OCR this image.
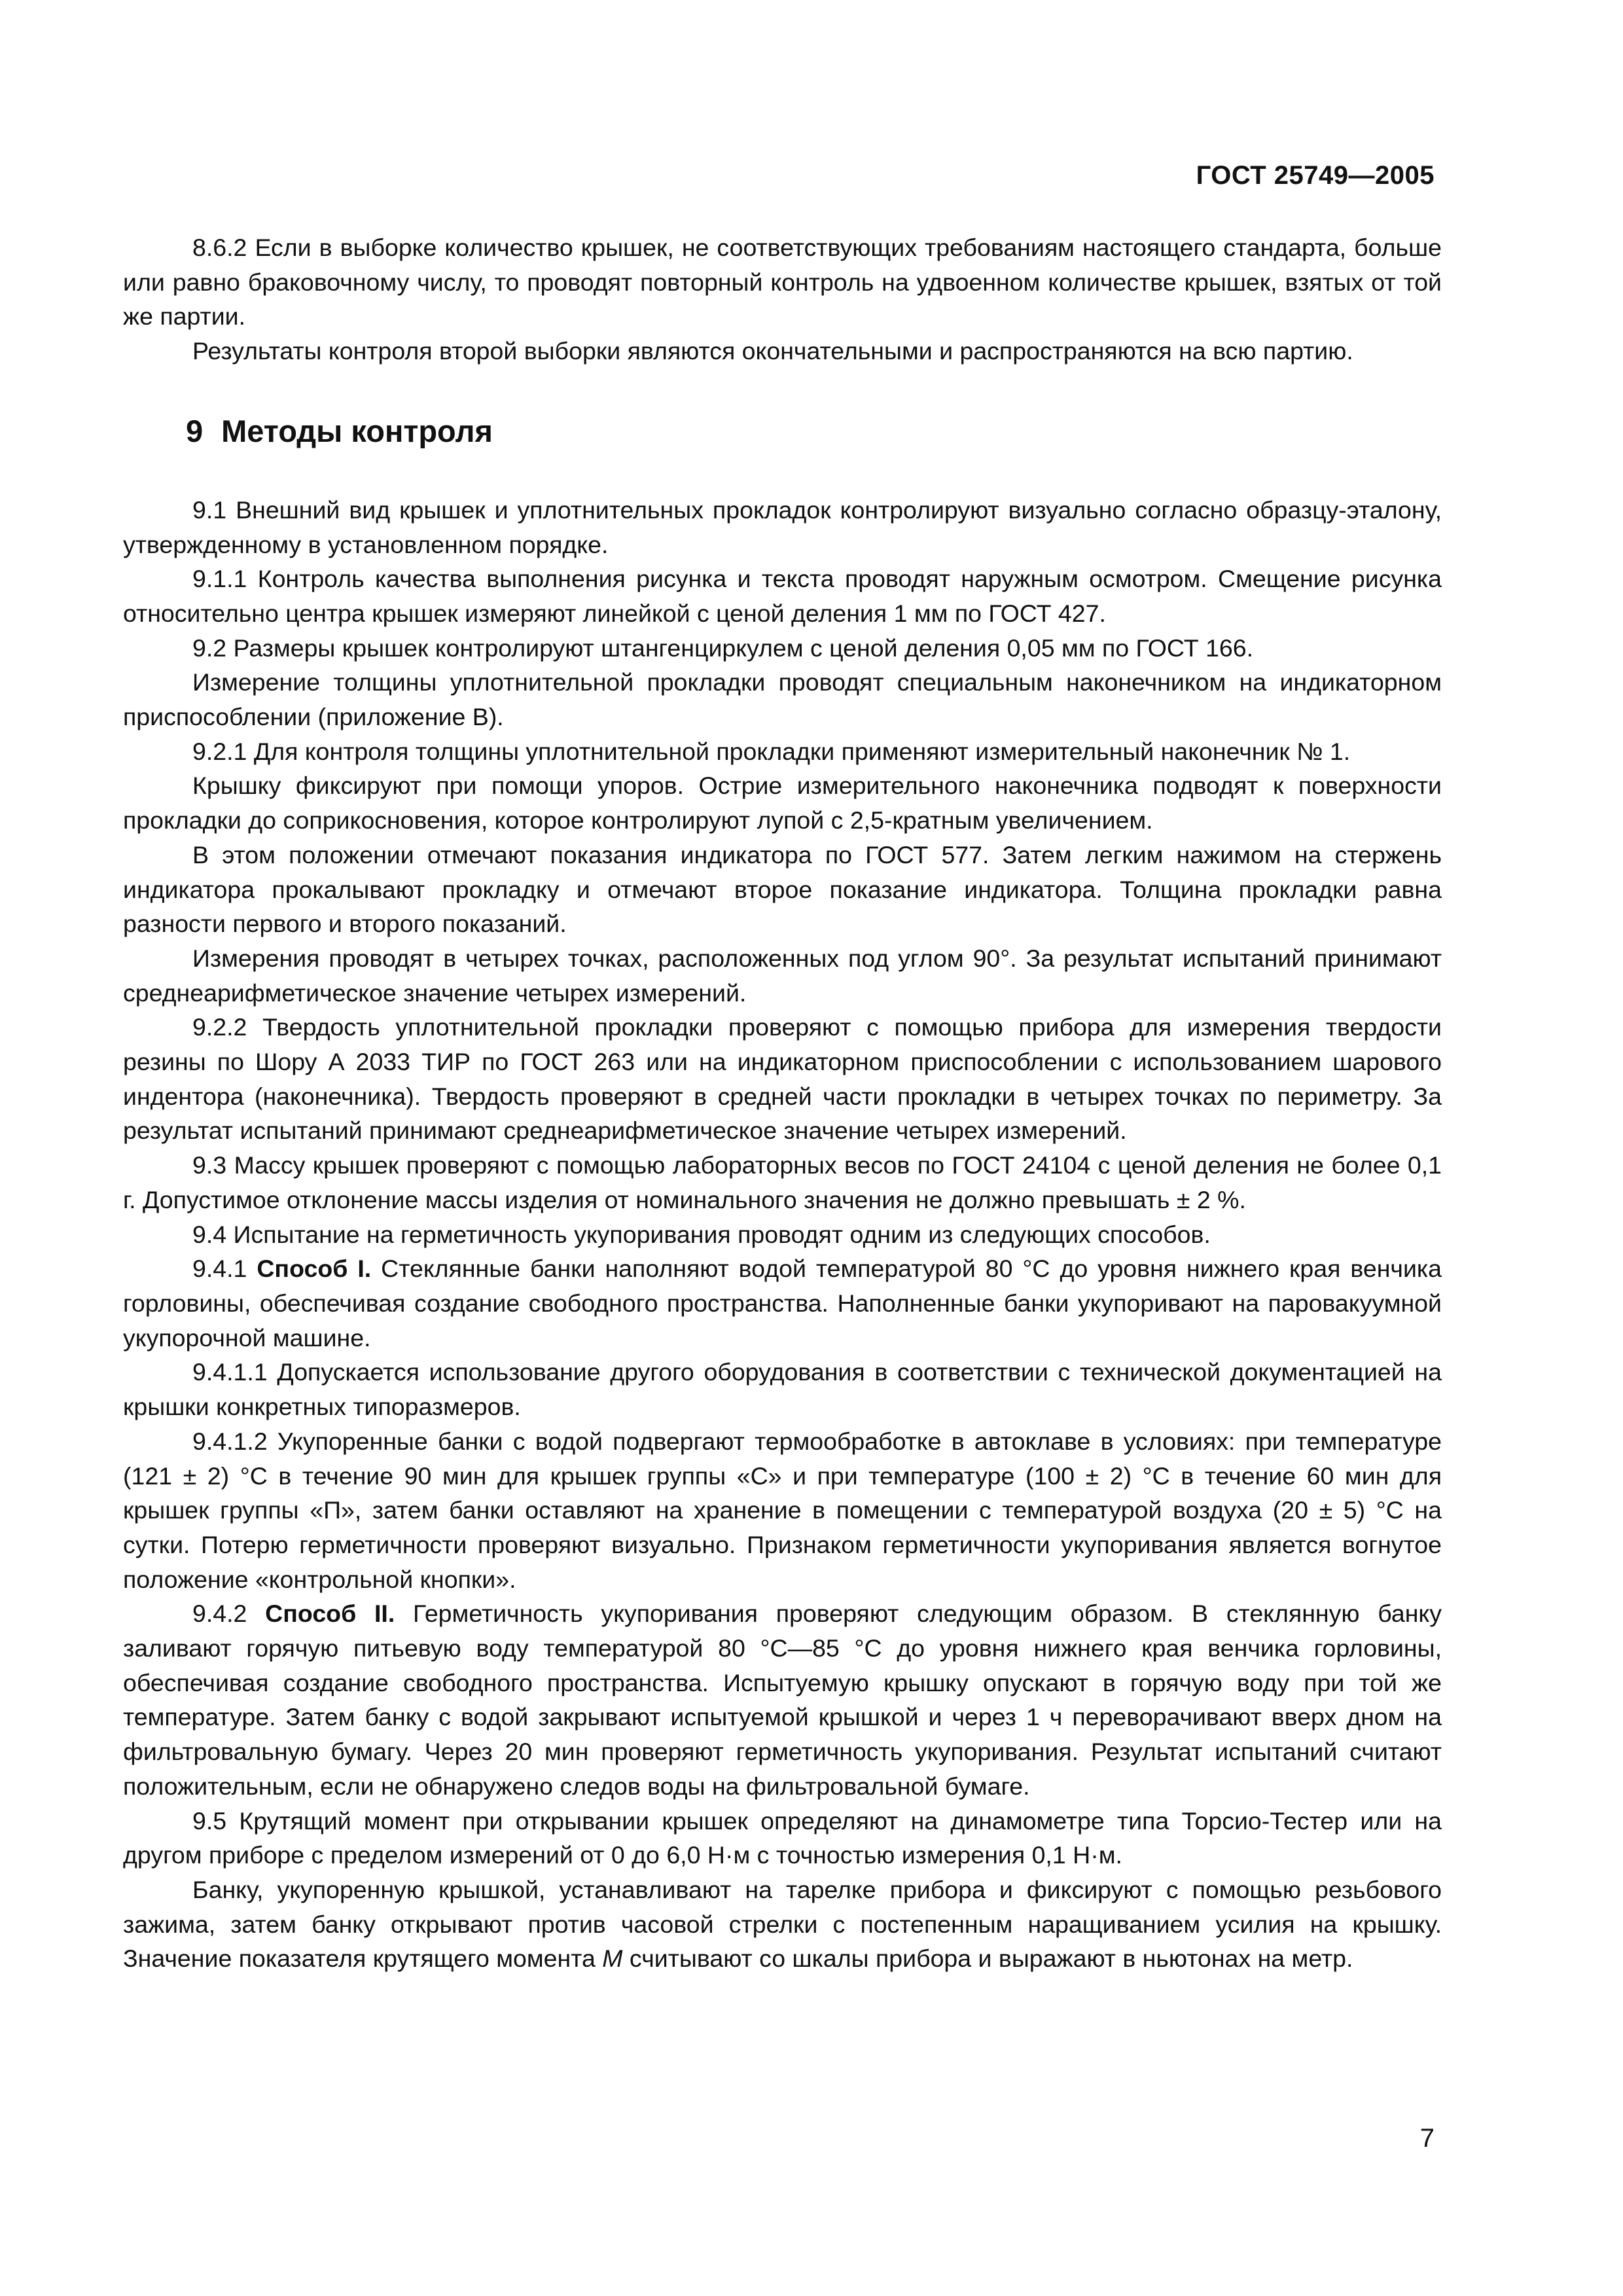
ГОСТ 25749—2005

8.6.2 Если в выборке количество крышек, не соответствующих требованиям настоящего стандарта, больше или равно браковочному числу, то проводят повторный контроль на удвоенном количестве крышек, взятых от той же партии.

Результаты контроля второй выборки являются окончательными и распространяются на всю партию.

9 Методы контроля

9.1 Внешний вид крышек и уплотнительных прокладок контролируют визуально согласно образцу-эталону, утвержденному в установленном порядке.

9.1.1 Контроль качества выполнения рисунка и текста проводят наружным осмотром. Смещение рисунка относительно центра крышек измеряют линейкой с ценой деления 1 мм по ГОСТ 427.

9.2 Размеры крышек контролируют штангенциркулем с ценой деления 0,05 мм по ГОСТ 166.

Измерение толщины уплотнительной прокладки проводят специальным наконечником на индикаторном приспособлении (приложение В).

9.2.1 Для контроля толщины уплотнительной прокладки применяют измерительный наконечник № 1.

Крышку фиксируют при помощи упоров. Острие измерительного наконечника подводят к поверхности прокладки до соприкосновения, которое контролируют лупой с 2,5-кратным увеличением.

В этом положении отмечают показания индикатора по ГОСТ 577. Затем легким нажимом на стержень индикатора прокалывают прокладку и отмечают второе показание индикатора. Толщина прокладки равна разности первого и второго показаний.

Измерения проводят в четырех точках, расположенных под углом 90°. За результат испытаний принимают среднеарифметическое значение четырех измерений.

9.2.2 Твердость уплотнительной прокладки проверяют с помощью прибора для измерения твердости резины по Шору А 2033 ТИР по ГОСТ 263 или на индикаторном приспособлении с использованием шарового индентора (наконечника). Твердость проверяют в средней части прокладки в четырех точках по периметру. За результат испытаний принимают среднеарифметическое значение четырех измерений.

9.3 Массу крышек проверяют с помощью лабораторных весов по ГОСТ 24104 с ценой деления не более 0,1 г. Допустимое отклонение массы изделия от номинального значения не должно превышать ± 2 %.

9.4 Испытание на герметичность укупоривания проводят одним из следующих способов.

9.4.1 Способ I. Стеклянные банки наполняют водой температурой 80 °С до уровня нижнего края венчика горловины, обеспечивая создание свободного пространства. Наполненные банки укупоривают на паровакуумной укупорочной машине.

9.4.1.1 Допускается использование другого оборудования в соответствии с технической документацией на крышки конкретных типоразмеров.

9.4.1.2 Укупоренные банки с водой подвергают термообработке в автоклаве в условиях: при температуре (121 ± 2) °С в течение 90 мин для крышек группы «С» и при температуре (100 ± 2) °С в течение 60 мин для крышек группы «П», затем банки оставляют на хранение в помещении с температурой воздуха (20 ± 5) °С на сутки. Потерю герметичности проверяют визуально. Признаком герметичности укупоривания является вогнутое положение «контрольной кнопки».

9.4.2 Способ II. Герметичность укупоривания проверяют следующим образом. В стеклянную банку заливают горячую питьевую воду температурой 80 °С—85 °С до уровня нижнего края венчика горловины, обеспечивая создание свободного пространства. Испытуемую крышку опускают в горячую воду при той же температуре. Затем банку с водой закрывают испытуемой крышкой и через 1 ч переворачивают вверх дном на фильтровальную бумагу. Через 20 мин проверяют герметичность укупоривания. Результат испытаний считают положительным, если не обнаружено следов воды на фильтровальной бумаге.

9.5 Крутящий момент при открывании крышек определяют на динамометре типа Торсио-Тестер или на другом приборе с пределом измерений от 0 до 6,0 Н·м с точностью измерения 0,1 Н·м.

Банку, укупоренную крышкой, устанавливают на тарелке прибора и фиксируют с помощью резьбового зажима, затем банку открывают против часовой стрелки с постепенным наращиванием усилия на крышку. Значение показателя крутящего момента М считывают со шкалы прибора и выражают в ньютонах на метр.

7
